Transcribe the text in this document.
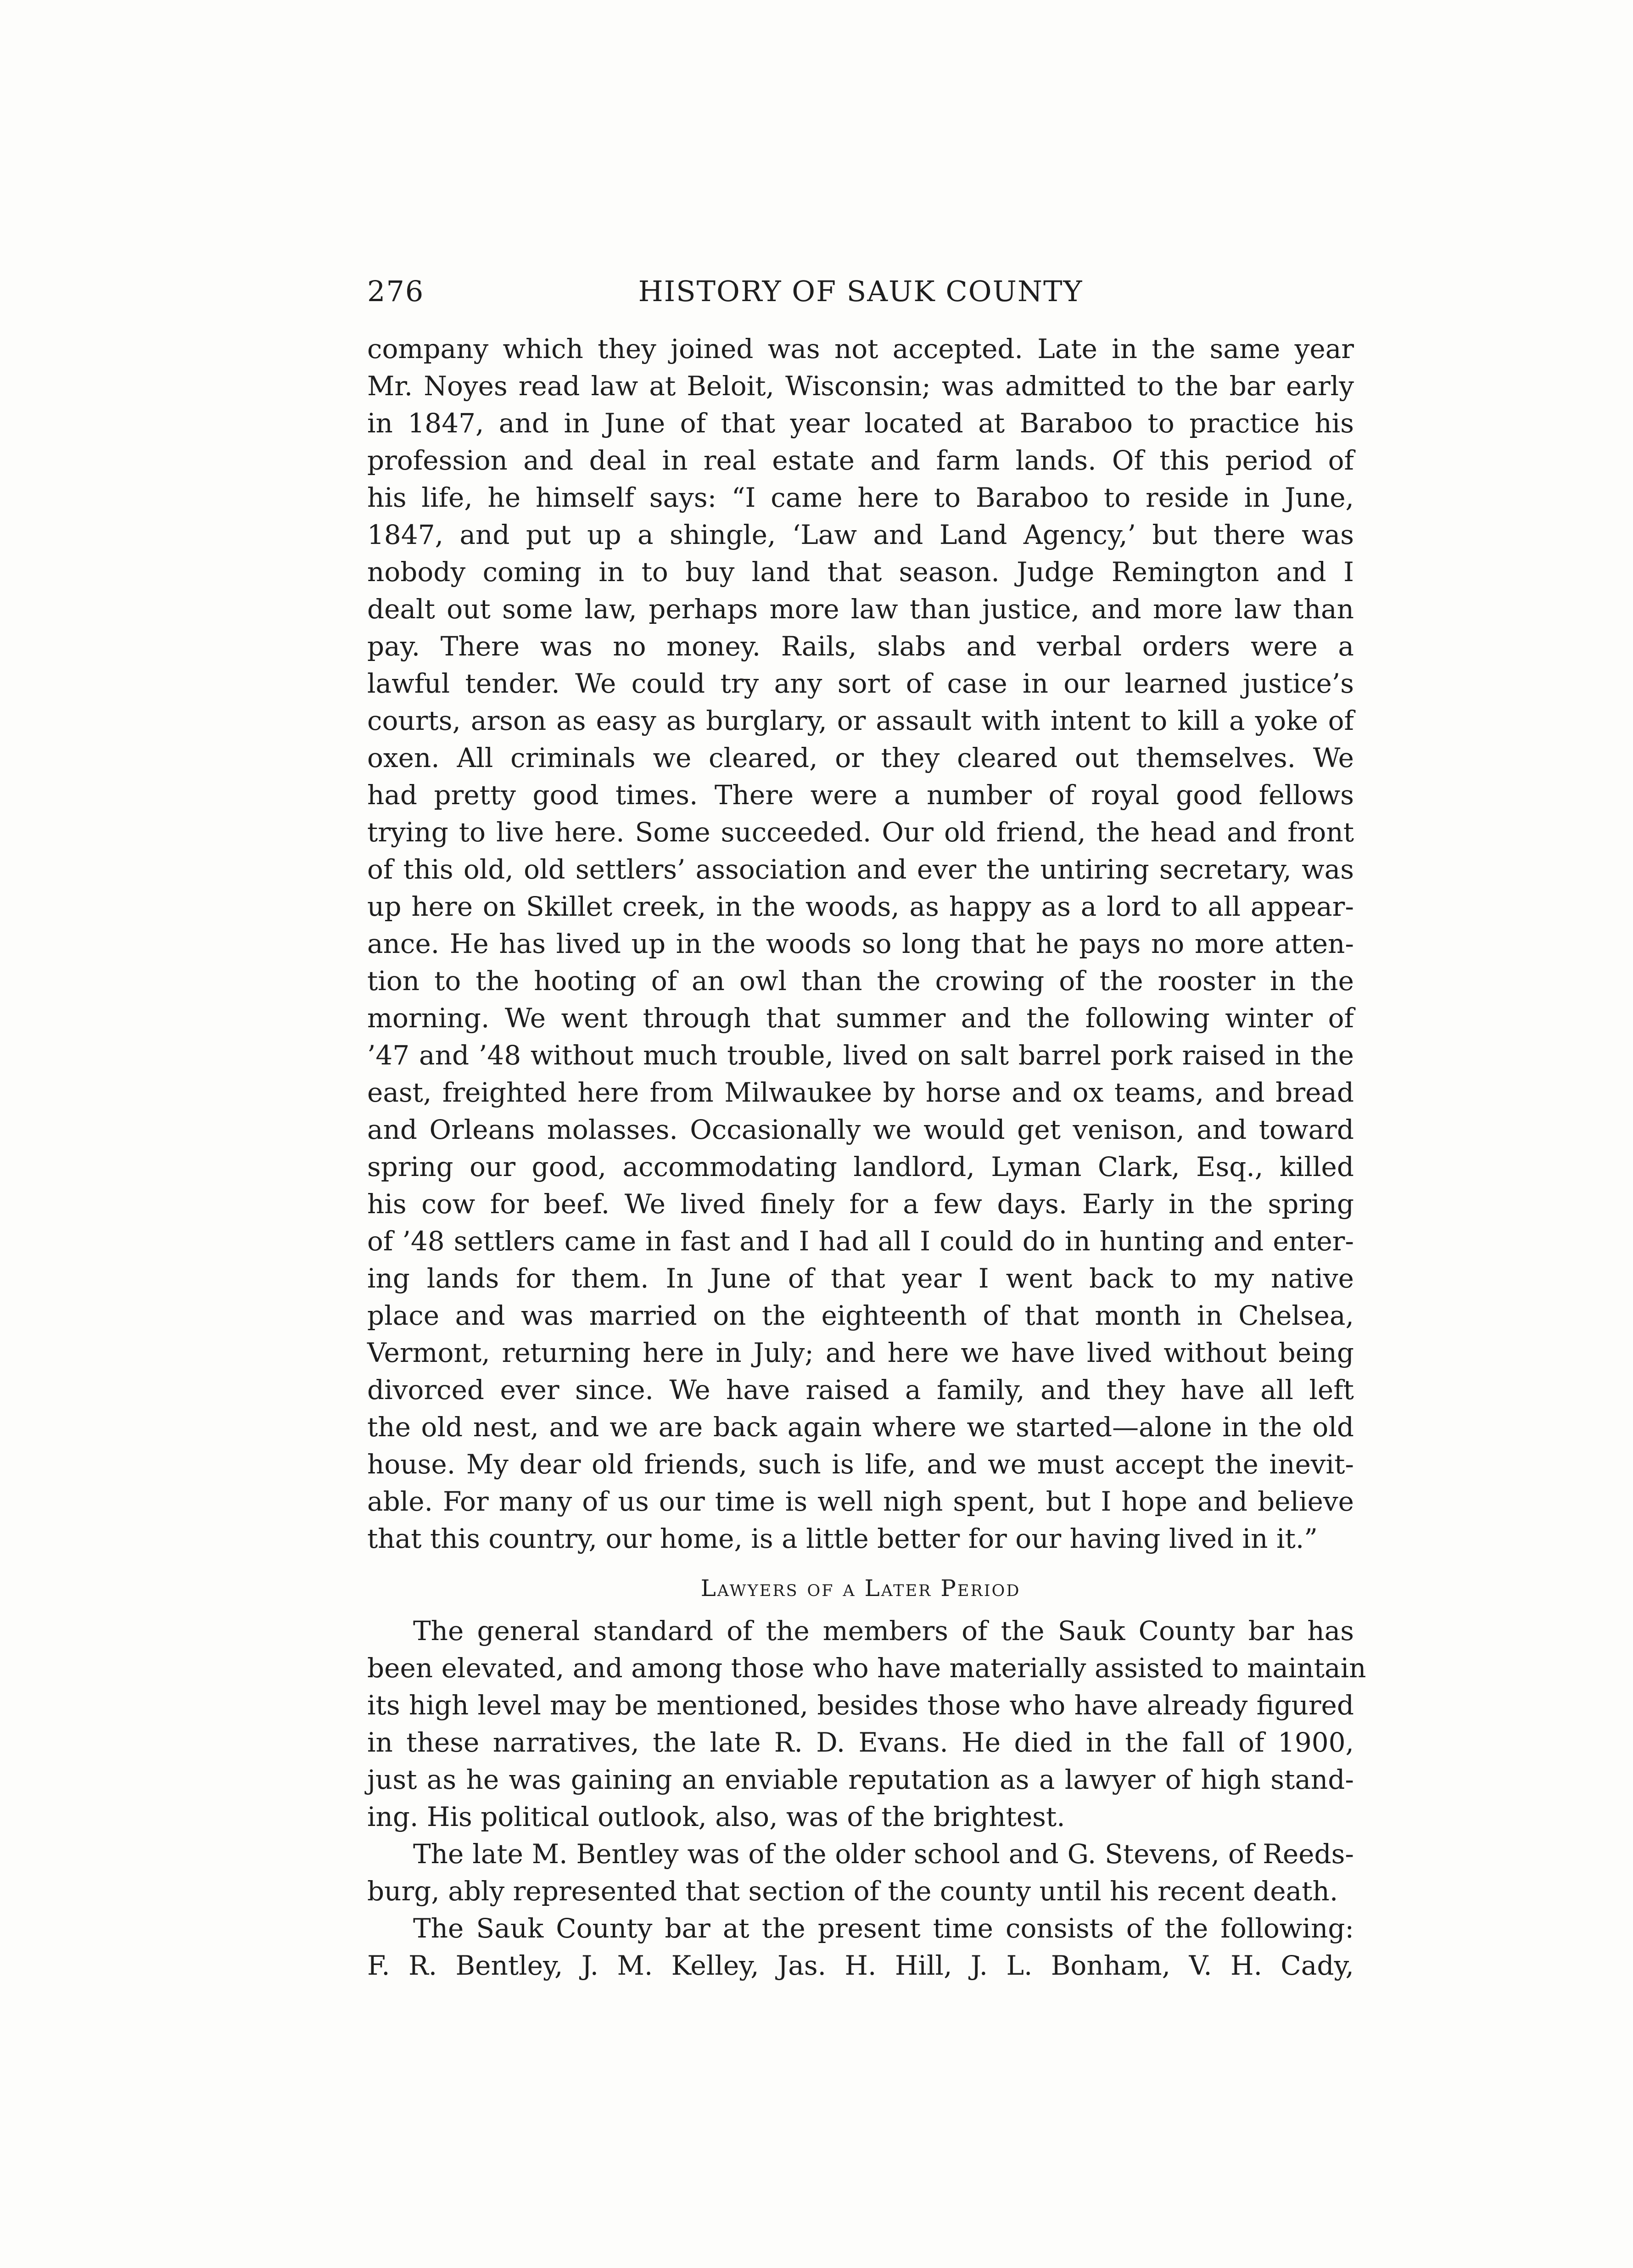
276	HISTORY OF SAUK COUNTY
company which they joined was not accepted. Late in the same year
Mr. Noyes read law at Beloit, Wisconsin; was admitted to the bar early
in 1847, and in June of that year located at Baraboo to practice his
profession and deal in real estate and farm lands. Of this period of
his life, he himself says: “I came here to Baraboo to reside in June,
1847, and put up a shingle, ‘Law and Land Agency,’ but there was
nobody coming in to buy land that season. Judge Remington and I
dealt out some law, perhaps more law than justice, and more law than
pay. There was no money. Rails, slabs and verbal orders were a
lawful tender. We could try any sort of case in our learned justice’s
courts, arson as easy as burglary, or assault with intent to kill a yoke of
oxen. All criminals we cleared, or they cleared out themselves. We
had pretty good times. There were a number of royal good fellows
trying to live here. Some succeeded. Our old friend, the head and front
of this old, old settlers’ association and ever the untiring secretary, was
up here on Skillet creek, in the woods, as happy as a lord to all appear-
ance. He has lived up in the woods so long that he pays no more atten-
tion to the hooting of an owl than the crowing of the rooster in the
morning. We went through that summer and the following winter of
’47 and ’48 without much trouble, lived on salt barrel pork raised in the
east, freighted here from Milwaukee by horse and ox teams, and bread
and Orleans molasses. Occasionally we would get venison, and toward
spring our good, accommodating landlord, Lyman Clark, Esq., killed
his cow for beef. We lived finely for a few days. Early in the spring
of ’48 settlers came in fast and I had all I could do in hunting and enter-
ing lands for them. In June of that year I went back to my native
place and was married on the eighteenth of that month in Chelsea,
Vermont, returning here in July; and here we have lived without being
divorced ever since. We have raised a family, and they have all left
the old nest, and we are back again where we started—alone in the old
house. My dear old friends, such is life, and we must accept the inevit-
able. For many of us our time is well nigh spent, but I hope and believe
that this country, our home, is a little better for our having lived in it.”
Lawyers of a Later Period
The general standard of the members of the Sauk County bar has
been elevated, and among those who have materially assisted to maintain
its high level may be mentioned, besides those who have already figured
in these narratives, the late R. D. Evans. He died in the fall of 1900,
just as he was gaining an enviable reputation as a lawyer of high stand-
ing. His political outlook, also, was of the brightest.
The late M. Bentley was of the older school and G. Stevens, of Reeds-
burg, ably represented that section of the county until his recent death.
The Sauk County bar at the present time consists of the following:
F. R. Bentley, J. M. Kelley, Jas. H. Hill, J. L. Bonham, V. H. Cady,
